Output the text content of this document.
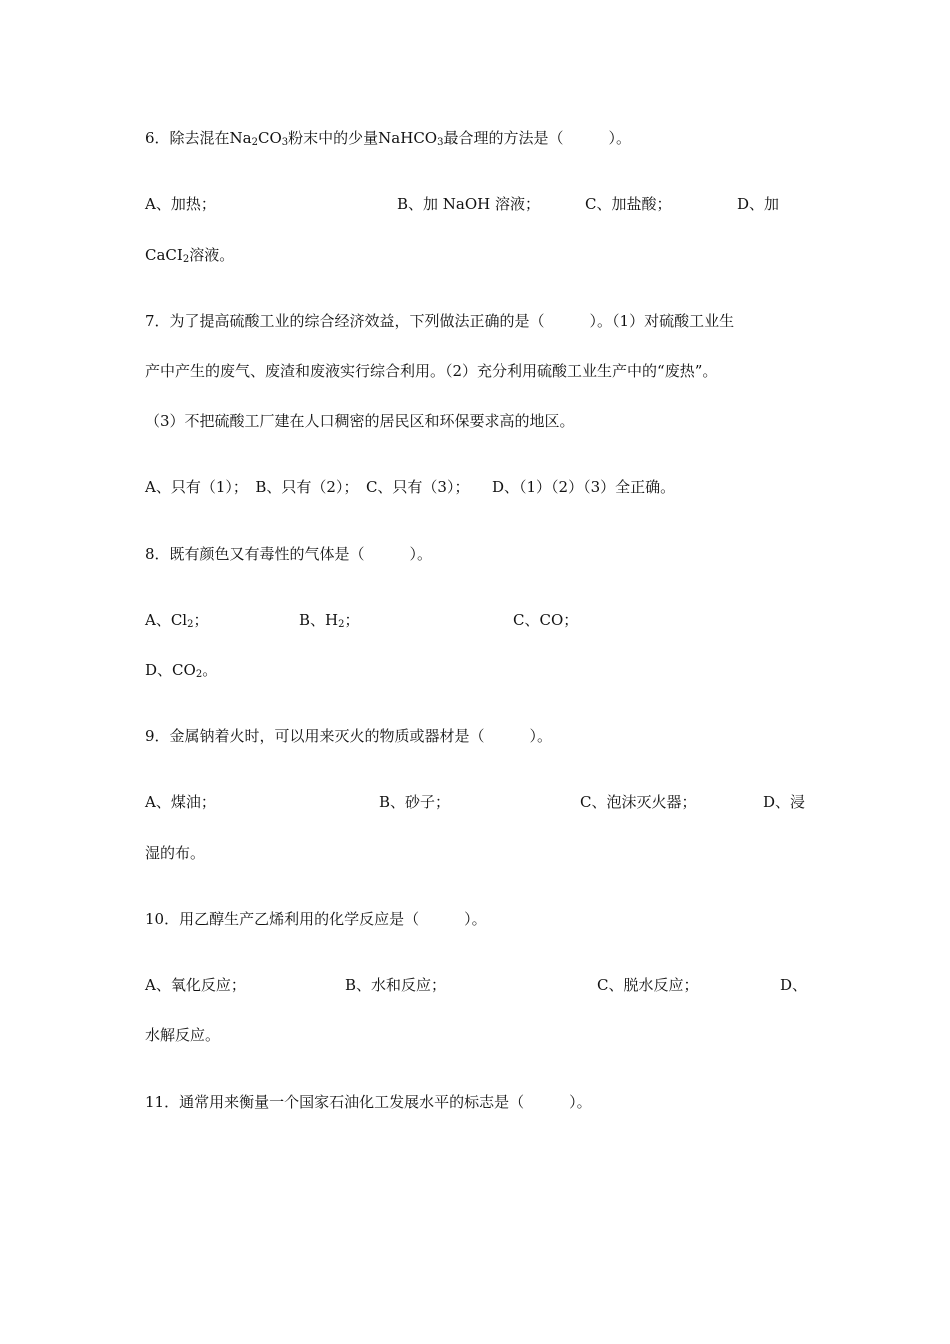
6．除去混在$Na_2CO_3$粉末中的少量NaHCO$_3$最合理的方法是（　　　）。
A、加热；	B、加 NaOH 溶液；	C、加盐酸；	D、加
CaCI$_2$溶液。
7．为了提高硫酸工业的综合经济效益，下列做法正确的是（　　　）。（1）对硫酸工业生
产中产生的废气、废渣和废液实行综合利用。（2）充分利用硫酸工业生产中的“废热”。
（3）不把硫酸工厂建在人口稠密的居民区和环保要求高的地区。
A、只有（1）；　B、只有（2）；　C、只有（3）；　　D、（1）（2）（3）全正确。
8．既有颜色又有毒性的气体是（　　　）。
A、$Cl_2$；	B、$H_2$；	C、CO；
D、$CO_2$。
9．金属钠着火时，可以用来灭火的物质或器材是（　　　）。
A、煤油；	B、砂子；	C、泡沫灭火器；	D、浸
湿的布。
10．用乙醇生产乙烯利用的化学反应是（　　　）。
A、氧化反应；	B、水和反应；	C、脱水反应；	D、
水解反应。
11．通常用来衡量一个国家石油化工发展水平的标志是（　　　）。
